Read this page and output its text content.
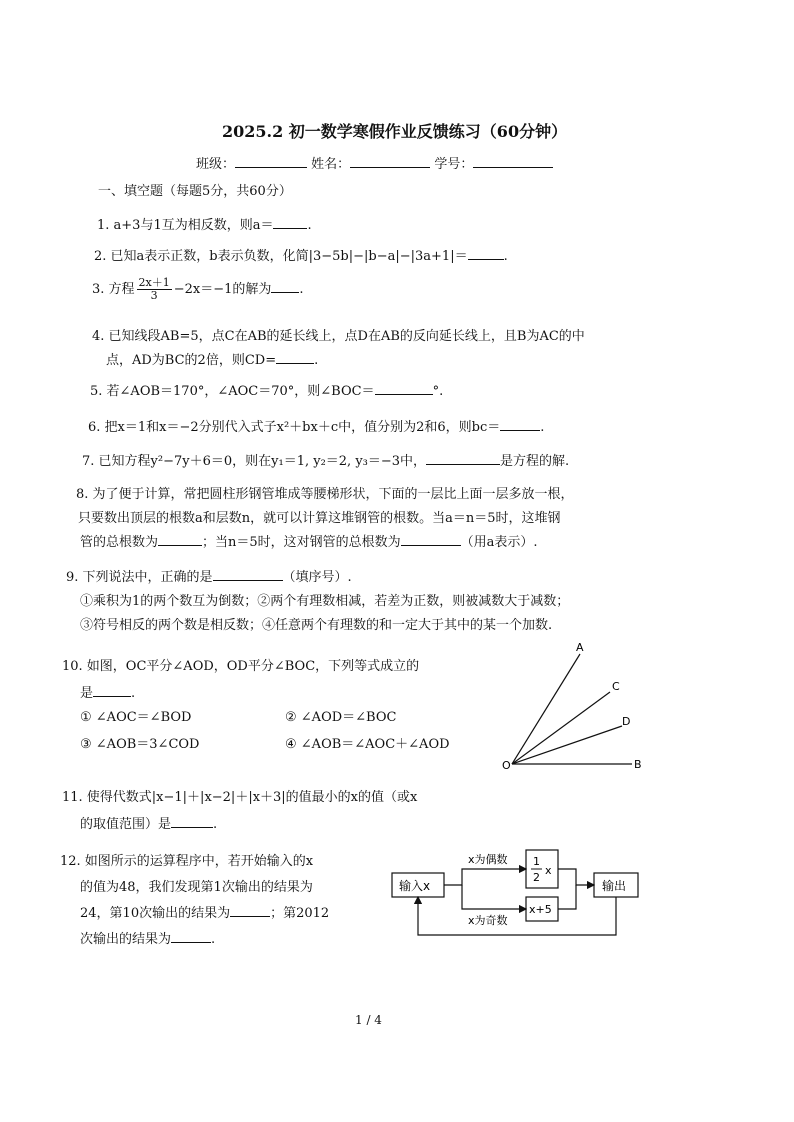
2025.2 初一数学寒假作业反馈练习（60分钟）
班级：	姓名：	学号：
一、填空题（每题5分，共60分）
1. a+3与1互为相反数，则a＝	.
2. 已知a表示正数，b表示负数，化简|3−5b|−|b−a|−|3a+1|＝	.
3. 方程 $\frac{2x+1}{3} -2x=-1$的解为 .
4. 已知线段AB=5，点C在AB的延长线上，点D在AB的反向延长线上，且B为AC的中
点，AD为BC的2倍，则CD=	.
5. 若∠AOB＝170°，∠AOC＝70°，则∠BOC＝	°.
6. 把x＝1和x＝−2分别代入式子x²＋bx＋c中，值分别为2和6，则bc＝	.
7. 已知方程y²−7y＋6＝0，则在y₁＝1, y₂＝2, y₃＝−3中，	是方程的解.
8. 为了便于计算，常把圆柱形钢管堆成等腰梯形状，下面的一层比上面一层多放一根，
只要数出顶层的根数a和层数n，就可以计算这堆钢管的根数。当a＝n＝5时，这堆钢
管的总根数为	；当n＝5时，这对钢管的总根数为	（用a表示）.
9. 下列说法中，正确的是	（填序号）.
①乘积为1的两个数互为倒数；②两个有理数相减，若差为正数，则被减数大于减数；
③符号相反的两个数是相反数；④任意两个有理数的和一定大于其中的某一个加数.
10. 如图，OC平分∠AOD，OD平分∠BOC，下列等式成立的
是	.
① ∠AOC＝∠BOD	② ∠AOD＝∠BOC
③ ∠AOB＝3∠COD	④ ∠AOB＝∠AOC＋∠AOD
A
C
D
O	B
11. 使得代数式|x−1|＋|x−2|＋|x＋3|的值最小的x的值（或x
的取值范围）是	.
12. 如图所示的运算程序中，若开始输入的x
的值为48，我们发现第1次输出的结果为
24，第10次输出的结果为	；第2012
次输出的结果为	.
输入x
x为偶数
x为奇数
1
2
x
x+5
输出
1 / 4
